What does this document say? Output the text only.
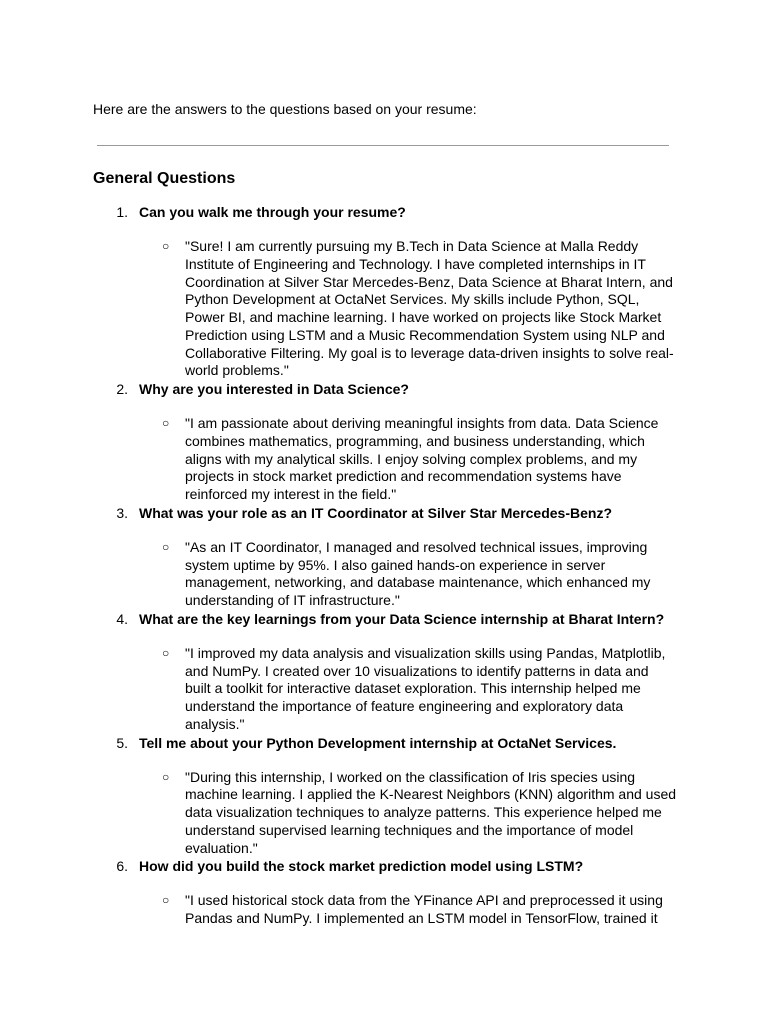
Here are the answers to the questions based on your resume:

General Questions
1. Can you walk me through your resume?
○ "Sure! I am currently pursuing my B.Tech in Data Science at Malla Reddy Institute of Engineering and Technology. I have completed internships in IT Coordination at Silver Star Mercedes-Benz, Data Science at Bharat Intern, and Python Development at OctaNet Services. My skills include Python, SQL, Power BI, and machine learning. I have worked on projects like Stock Market Prediction using LSTM and a Music Recommendation System using NLP and Collaborative Filtering. My goal is to leverage data-driven insights to solve real-world problems."
2. Why are you interested in Data Science?
○ "I am passionate about deriving meaningful insights from data. Data Science combines mathematics, programming, and business understanding, which aligns with my analytical skills. I enjoy solving complex problems, and my projects in stock market prediction and recommendation systems have reinforced my interest in the field."
3. What was your role as an IT Coordinator at Silver Star Mercedes-Benz?
○ "As an IT Coordinator, I managed and resolved technical issues, improving system uptime by 95%. I also gained hands-on experience in server management, networking, and database maintenance, which enhanced my understanding of IT infrastructure."
4. What are the key learnings from your Data Science internship at Bharat Intern?
○ "I improved my data analysis and visualization skills using Pandas, Matplotlib, and NumPy. I created over 10 visualizations to identify patterns in data and built a toolkit for interactive dataset exploration. This internship helped me understand the importance of feature engineering and exploratory data analysis."
5. Tell me about your Python Development internship at OctaNet Services.
○ "During this internship, I worked on the classification of Iris species using machine learning. I applied the K-Nearest Neighbors (KNN) algorithm and used data visualization techniques to analyze patterns. This experience helped me understand supervised learning techniques and the importance of model evaluation."
6. How did you build the stock market prediction model using LSTM?
○ "I used historical stock data from the YFinance API and preprocessed it using Pandas and NumPy. I implemented an LSTM model in TensorFlow, trained it
